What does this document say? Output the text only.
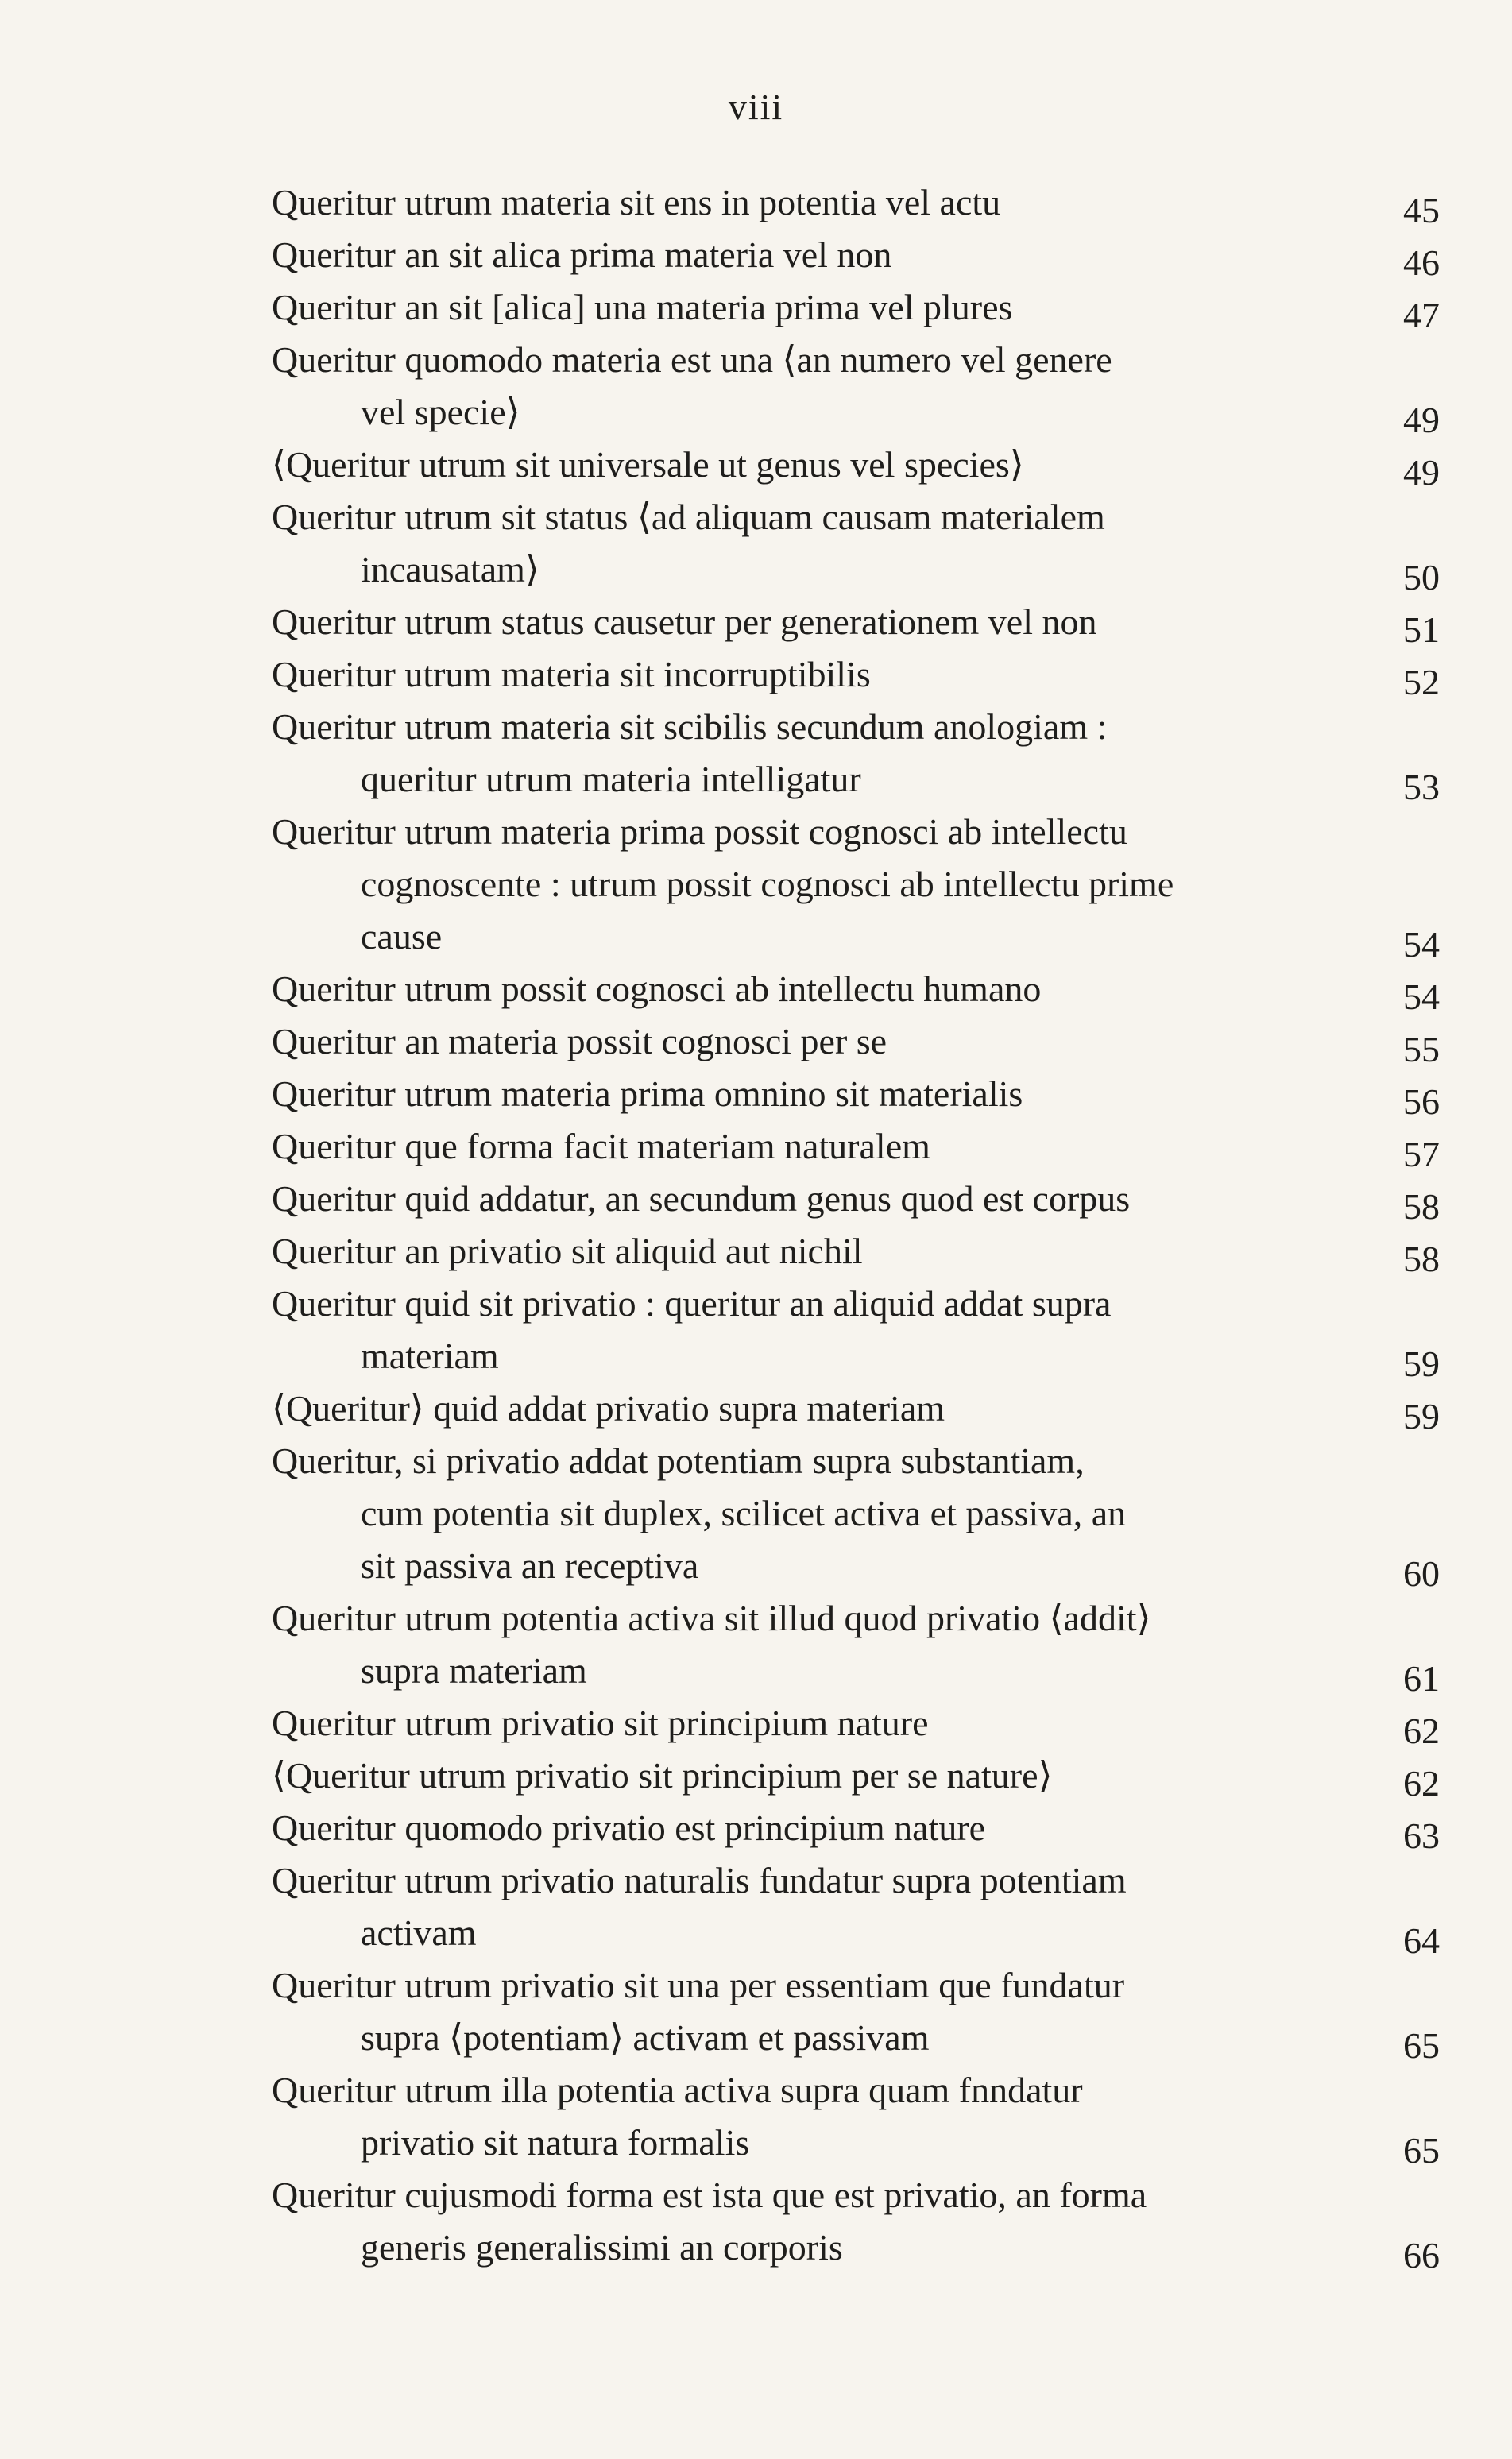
viii
Queritur utrum materia sit ens in potentia vel actu	45
Queritur an sit alica prima materia vel non	46
Queritur an sit [alica] una materia prima vel plures	47
Queritur quomodo materia est una ⟨an numero vel genere
vel specie⟩	49
⟨Queritur utrum sit universale ut genus vel species⟩	49
Queritur utrum sit status ⟨ad aliquam causam materialem
incausatam⟩	50
Queritur utrum status causetur per generationem vel non	51
Queritur utrum materia sit incorruptibilis	52
Queritur utrum materia sit scibilis secundum anologiam :
queritur utrum materia intelligatur	53
Queritur utrum materia prima possit cognosci ab intellectu
cognoscente : utrum possit cognosci ab intellectu prime
cause	54
Queritur utrum possit cognosci ab intellectu humano	54
Queritur an materia possit cognosci per se	55
Queritur utrum materia prima omnino sit materialis	56
Queritur que forma facit materiam naturalem	57
Queritur quid addatur, an secundum genus quod est corpus	58
Queritur an privatio sit aliquid aut nichil	58
Queritur quid sit privatio : queritur an aliquid addat supra
materiam	59
⟨Queritur⟩ quid addat privatio supra materiam	59
Queritur, si privatio addat potentiam supra substantiam,
cum potentia sit duplex, scilicet activa et passiva, an
sit passiva an receptiva	60
Queritur utrum potentia activa sit illud quod privatio ⟨addit⟩
supra materiam	61
Queritur utrum privatio sit principium nature	62
⟨Queritur utrum privatio sit principium per se nature⟩	62
Queritur quomodo privatio est principium nature	63
Queritur utrum privatio naturalis fundatur supra potentiam
activam	64
Queritur utrum privatio sit una per essentiam que fundatur
supra ⟨potentiam⟩ activam et passivam	65
Queritur utrum illa potentia activa supra quam fnndatur
privatio sit natura formalis	65
Queritur cujusmodi forma est ista que est privatio, an forma
generis generalissimi an corporis	66
